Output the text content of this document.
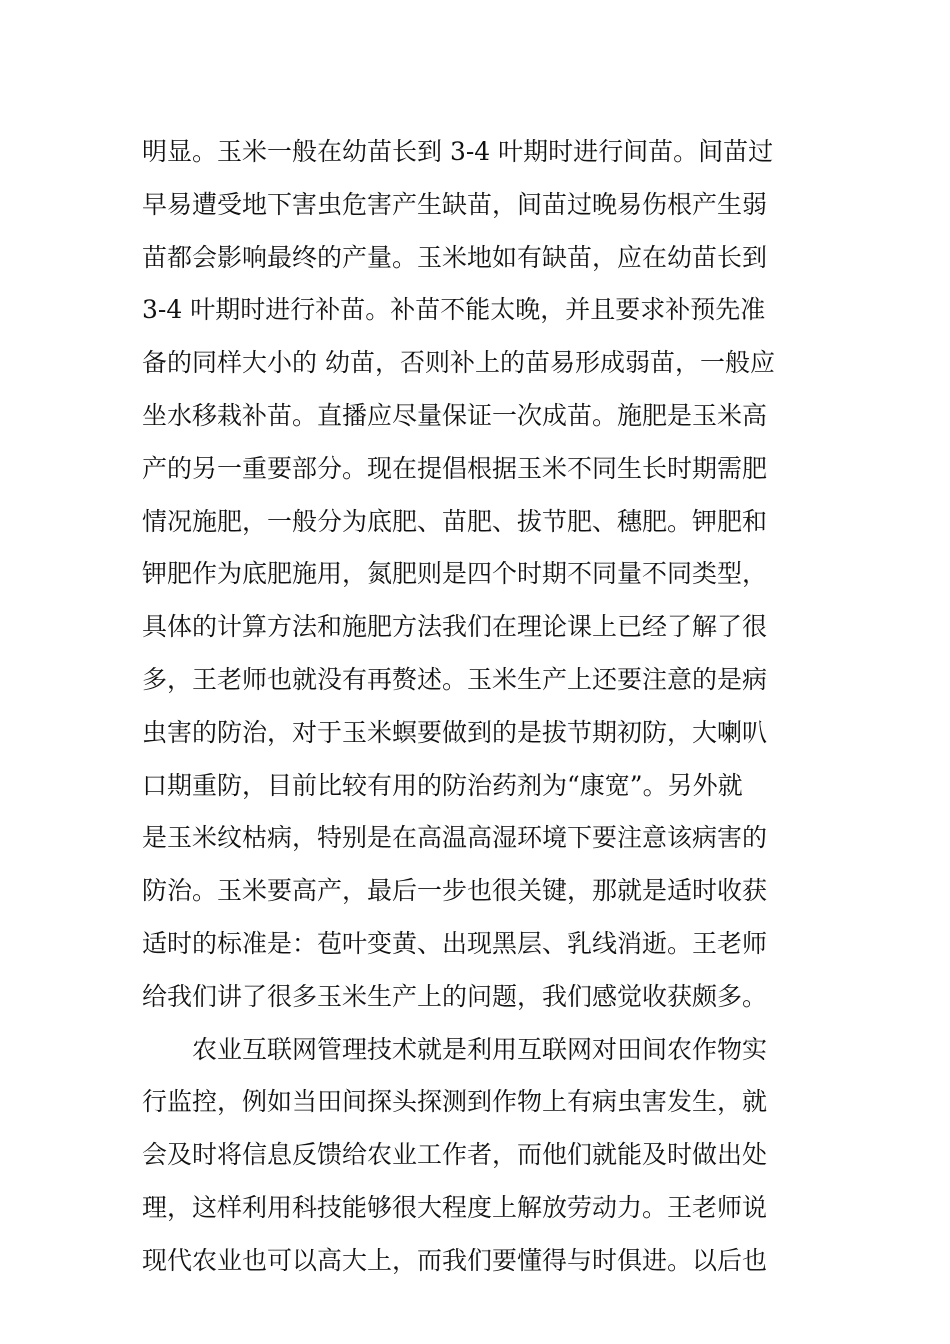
明显。玉米一般在幼苗长到 3-4 叶期时进行间苗。间苗过
早易遭受地下害虫危害产生缺苗，间苗过晚易伤根产生弱
苗都会影响最终的产量。玉米地如有缺苗，应在幼苗长到
3-4 叶期时进行补苗。补苗不能太晚，并且要求补预先准
备的同样大小的 幼苗，否则补上的苗易形成弱苗，一般应
坐水移栽补苗。直播应尽量保证一次成苗。施肥是玉米高
产的另一重要部分。现在提倡根据玉米不同生长时期需肥
情况施肥，一般分为底肥、苗肥、拔节肥、穗肥。钾肥和
钾肥作为底肥施用，氮肥则是四个时期不同量不同类型，
具体的计算方法和施肥方法我们在理论课上已经了解了很
多，王老师也就没有再赘述。玉米生产上还要注意的是病
虫害的防治，对于玉米螟要做到的是拔节期初防，大喇叭
口期重防，目前比较有用的防治药剂为“康宽”。另外就
是玉米纹枯病，特别是在高温高湿环境下要注意该病害的
防治。玉米要高产，最后一步也很关键，那就是适时收获
适时的标准是：苞叶变黄、出现黑层、乳线消逝。王老师
给我们讲了很多玉米生产上的问题，我们感觉收获颇多。
　　农业互联网管理技术就是利用互联网对田间农作物实
行监控，例如当田间探头探测到作物上有病虫害发生，就
会及时将信息反馈给农业工作者，而他们就能及时做出处
理，这样利用科技能够很大程度上解放劳动力。王老师说
现代农业也可以高大上，而我们要懂得与时俱进。以后也
